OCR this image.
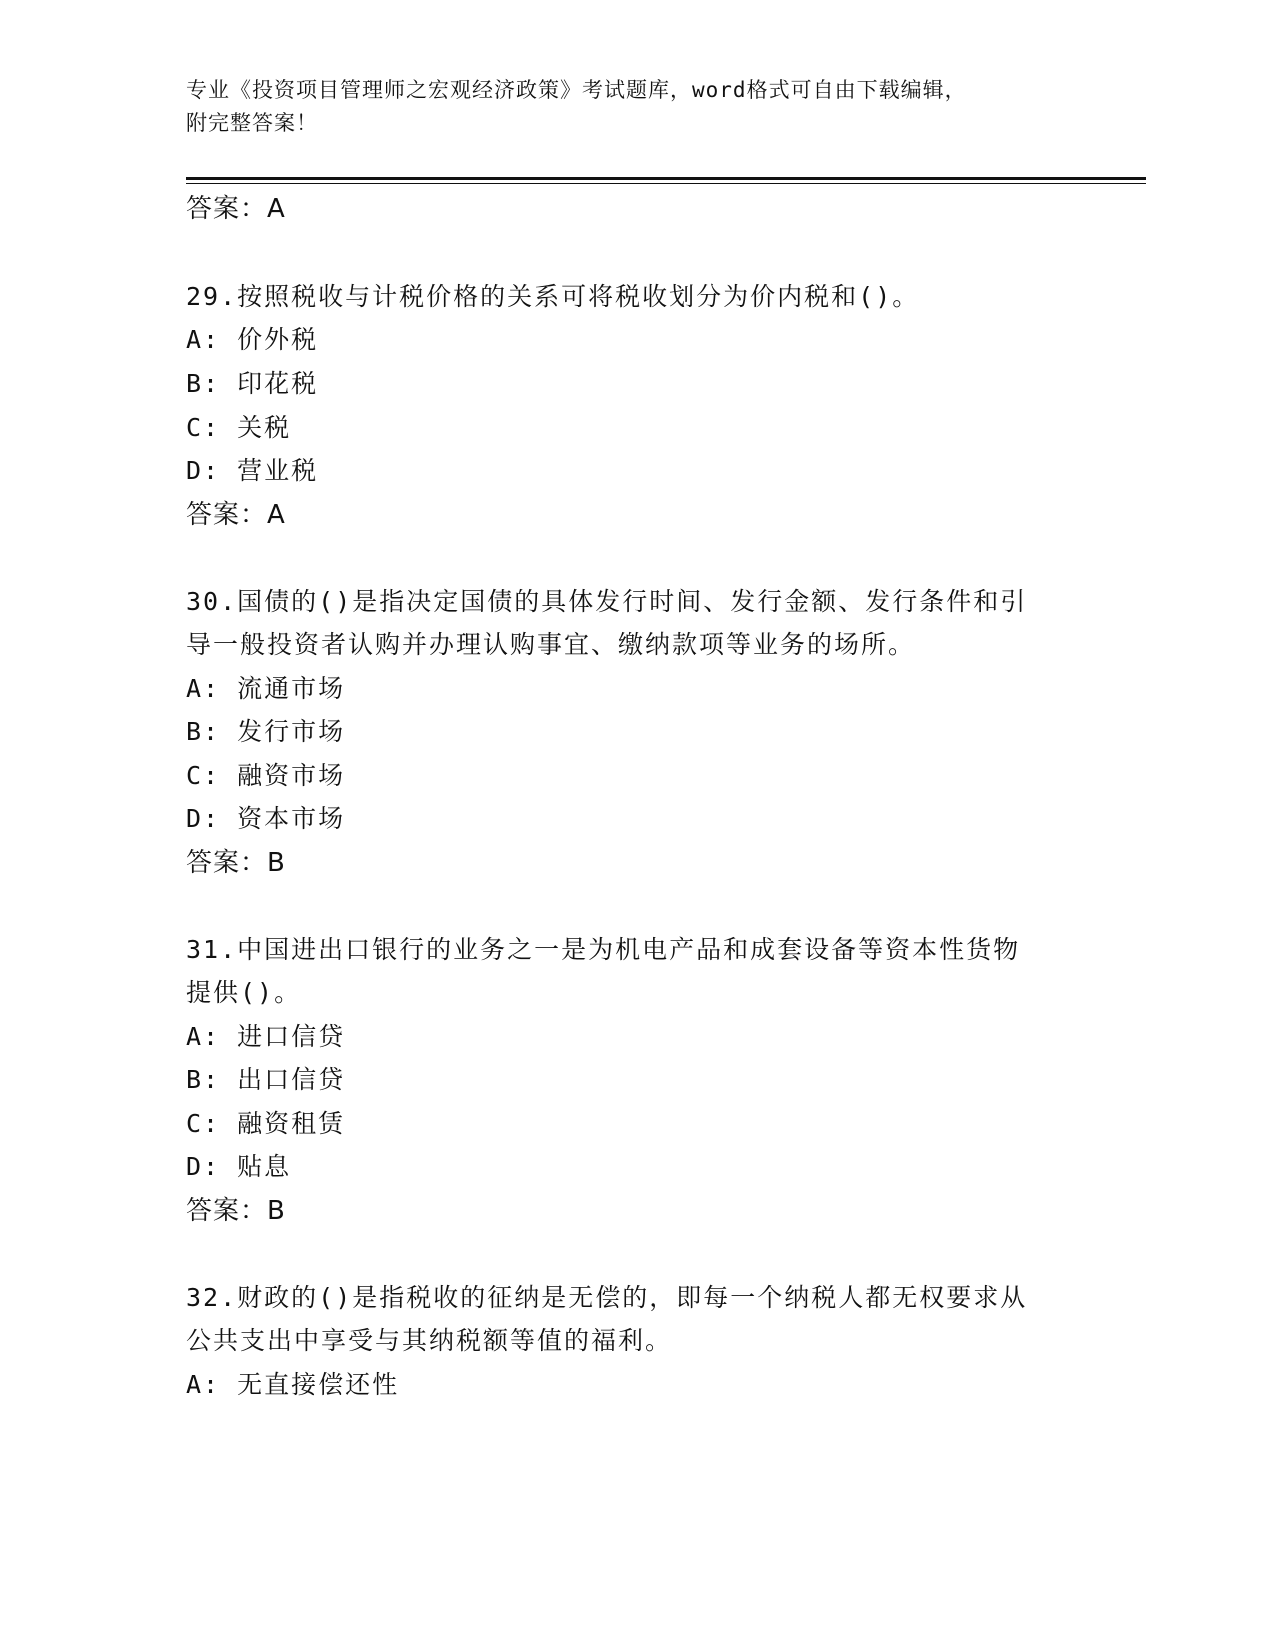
专业《投资项目管理师之宏观经济政策》考试题库，word格式可自由下载编辑，
附完整答案！
答案：A
29.按照税收与计税价格的关系可将税收划分为价内税和()。
A: 价外税
B: 印花税
C: 关税
D: 营业税
答案：A
30.国债的()是指决定国债的具体发行时间、发行金额、发行条件和引
导一般投资者认购并办理认购事宜、缴纳款项等业务的场所。
A: 流通市场
B: 发行市场
C: 融资市场
D: 资本市场
答案：B
31.中国进出口银行的业务之一是为机电产品和成套设备等资本性货物
提供()。
A: 进口信贷
B: 出口信贷
C: 融资租赁
D: 贴息
答案：B
32.财政的()是指税收的征纳是无偿的，即每一个纳税人都无权要求从
公共支出中享受与其纳税额等值的福利。
A: 无直接偿还性
